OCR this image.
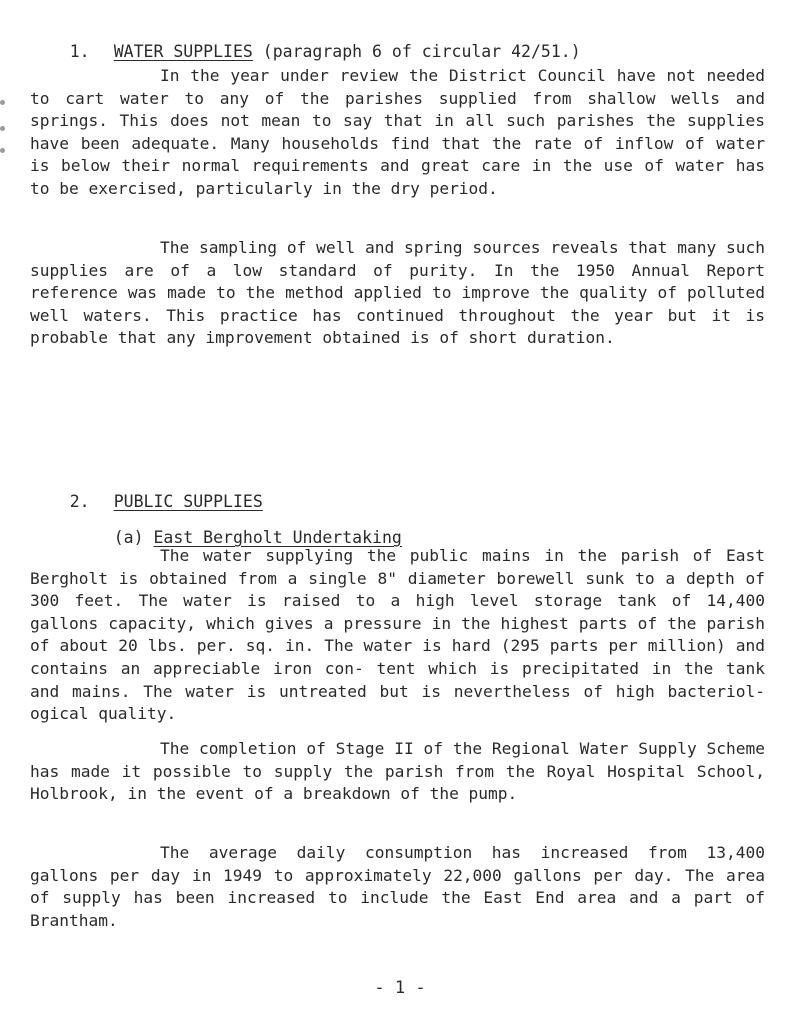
1. WATER SUPPLIES (paragraph 6 of circular 42/51.)

In the year under review the District Council have not needed to cart water to any of the parishes supplied from shallow wells and springs. This does not mean to say that in all such parishes the supplies have been adequate. Many households find that the rate of inflow of water is below their normal requirements and great care in the use of water has to be exercised, particularly in the dry period.

The sampling of well and spring sources reveals that many such supplies are of a low standard of purity. In the 1950 Annual Report reference was made to the method applied to improve the quality of polluted well waters. This practice has continued throughout the year but it is probable that any improvement obtained is of short duration.

2. PUBLIC SUPPLIES

(a) East Bergholt Undertaking

The water supplying the public mains in the parish of East Bergholt is obtained from a single 8" diameter borewell sunk to a depth of 300 feet. The water is raised to a high level storage tank of 14,400 gallons capacity, which gives a pressure in the highest parts of the parish of about 20 lbs. per. sq. in. The water is hard (295 parts per million) and contains an appreciable iron con- tent which is precipitated in the tank and mains. The water is untreated but is nevertheless of high bacteriol- ogical quality.

The completion of Stage II of the Regional Water Supply Scheme has made it possible to supply the parish from the Royal Hospital School, Holbrook, in the event of a breakdown of the pump.

The average daily consumption has increased from 13,400 gallons per day in 1949 to approximately 22,000 gallons per day. The area of supply has been increased to include the East End area and a part of Brantham.

- 1 -
